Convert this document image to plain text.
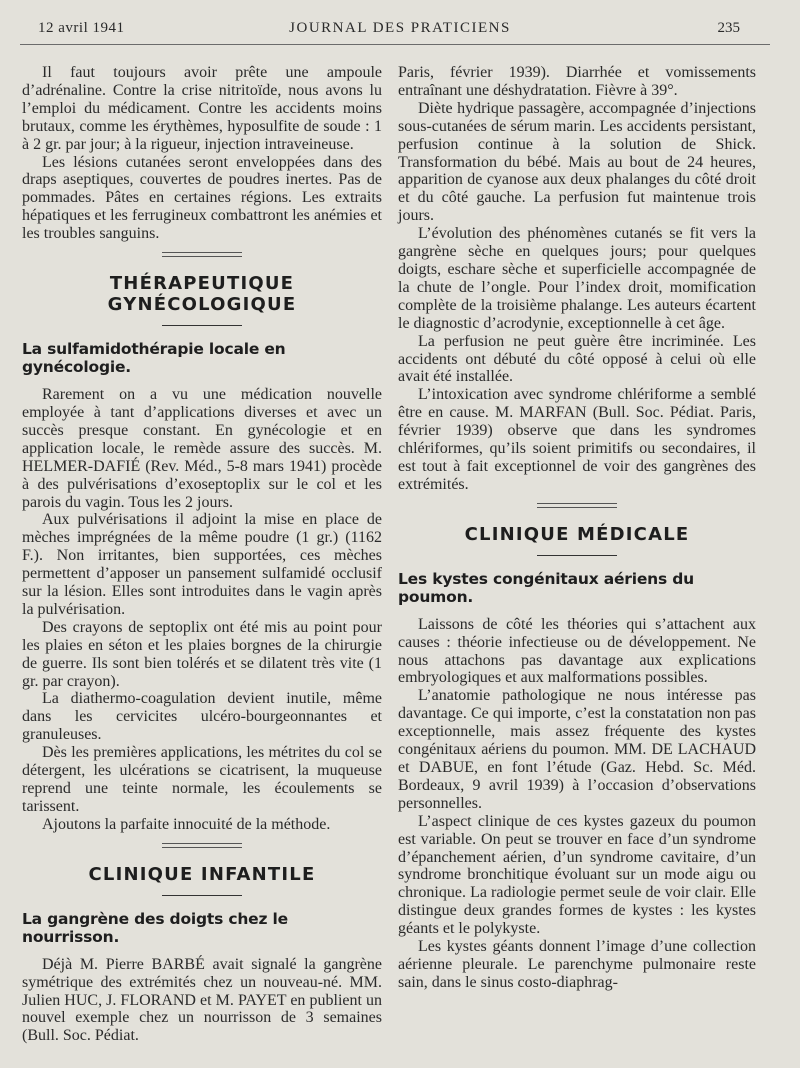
12 avril 1941	JOURNAL DES PRATICIENS	235

Il faut toujours avoir prête une ampoule d’adrénaline. Contre la crise nitritoïde, nous avons lu l’emploi du médicament. Contre les accidents moins brutaux, comme les érythèmes, hyposulfite de soude : 1 à 2 gr. par jour; à la rigueur, injection intraveineuse.

Les lésions cutanées seront enveloppées dans des draps aseptiques, couvertes de poudres inertes. Pas de pommades. Pâtes en certaines régions. Les extraits hépatiques et les ferrugineux combattront les anémies et les troubles sanguins.

THÉRAPEUTIQUE GYNÉCOLOGIQUE
La sulfamidothérapie locale en gynécologie.

Rarement on a vu une médication nouvelle employée à tant d’applications diverses et avec un succès presque constant. En gynécologie et en application locale, le remède assure des succès. M. HELMER-DAFIÉ (Rev. Méd., 5-8 mars 1941) procède à des pulvérisations d’exoseptoplix sur le col et les parois du vagin. Tous les 2 jours.

Aux pulvérisations il adjoint la mise en place de mèches imprégnées de la même poudre (1 gr.) (1162 F.). Non irritantes, bien supportées, ces mèches permettent d’apposer un pansement sulfamidé occlusif sur la lésion. Elles sont introduites dans le vagin après la pulvérisation.

Des crayons de septoplix ont été mis au point pour les plaies en séton et les plaies borgnes de la chirurgie de guerre. Ils sont bien tolérés et se dilatent très vite (1 gr. par crayon).

La diathermo-coagulation devient inutile, même dans les cervicites ulcéro-bourgeonnantes et granuleuses.

Dès les premières applications, les métrites du col se détergent, les ulcérations se cicatrisent, la muqueuse reprend une teinte normale, les écoulements se tarissent.

Ajoutons la parfaite innocuité de la méthode.

CLINIQUE INFANTILE
La gangrène des doigts chez le nourrisson.

Déjà M. Pierre BARBÉ avait signalé la gangrène symétrique des extrémités chez un nouveau-né. MM. Julien HUC, J. FLORAND et M. PAYET en publient un nouvel exemple chez un nourrisson de 3 semaines (Bull. Soc. Pédiat.

Paris, février 1939). Diarrhée et vomissements entraînant une déshydratation. Fièvre à 39°.

Diète hydrique passagère, accompagnée d’injections sous-cutanées de sérum marin. Les accidents persistant, perfusion continue à la solution de Shick. Transformation du bébé. Mais au bout de 24 heures, apparition de cyanose aux deux phalanges du côté droit et du côté gauche. La perfusion fut maintenue trois jours.

L’évolution des phénomènes cutanés se fit vers la gangrène sèche en quelques jours; pour quelques doigts, eschare sèche et superficielle accompagnée de la chute de l’ongle. Pour l’index droit, momification complète de la troisième phalange. Les auteurs écartent le diagnostic d’acrodynie, exceptionnelle à cet âge.

La perfusion ne peut guère être incriminée. Les accidents ont débuté du côté opposé à celui où elle avait été installée.

L’intoxication avec syndrome chlériforme a semblé être en cause. M. MARFAN (Bull. Soc. Pédiat. Paris, février 1939) observe que dans les syndromes chlériformes, qu’ils soient primitifs ou secondaires, il est tout à fait exceptionnel de voir des gangrènes des extrémités.

CLINIQUE MÉDICALE
Les kystes congénitaux aériens du poumon.

Laissons de côté les théories qui s’attachent aux causes : théorie infectieuse ou de développement. Ne nous attachons pas davantage aux explications embryologiques et aux malformations possibles.

L’anatomie pathologique ne nous intéresse pas davantage. Ce qui importe, c’est la constatation non pas exceptionnelle, mais assez fréquente des kystes congénitaux aériens du poumon. MM. DE LACHAUD et DABUE, en font l’étude (Gaz. Hebd. Sc. Méd. Bordeaux, 9 avril 1939) à l’occasion d’observations personnelles.

L’aspect clinique de ces kystes gazeux du poumon est variable. On peut se trouver en face d’un syndrome d’épanchement aérien, d’un syndrome cavitaire, d’un syndrome bronchitique évoluant sur un mode aigu ou chronique. La radiologie permet seule de voir clair. Elle distingue deux grandes formes de kystes : les kystes géants et le polykyste.

Les kystes géants donnent l’image d’une collection aérienne pleurale. Le parenchyme pulmonaire reste sain, dans le sinus costo-diaphrag-
